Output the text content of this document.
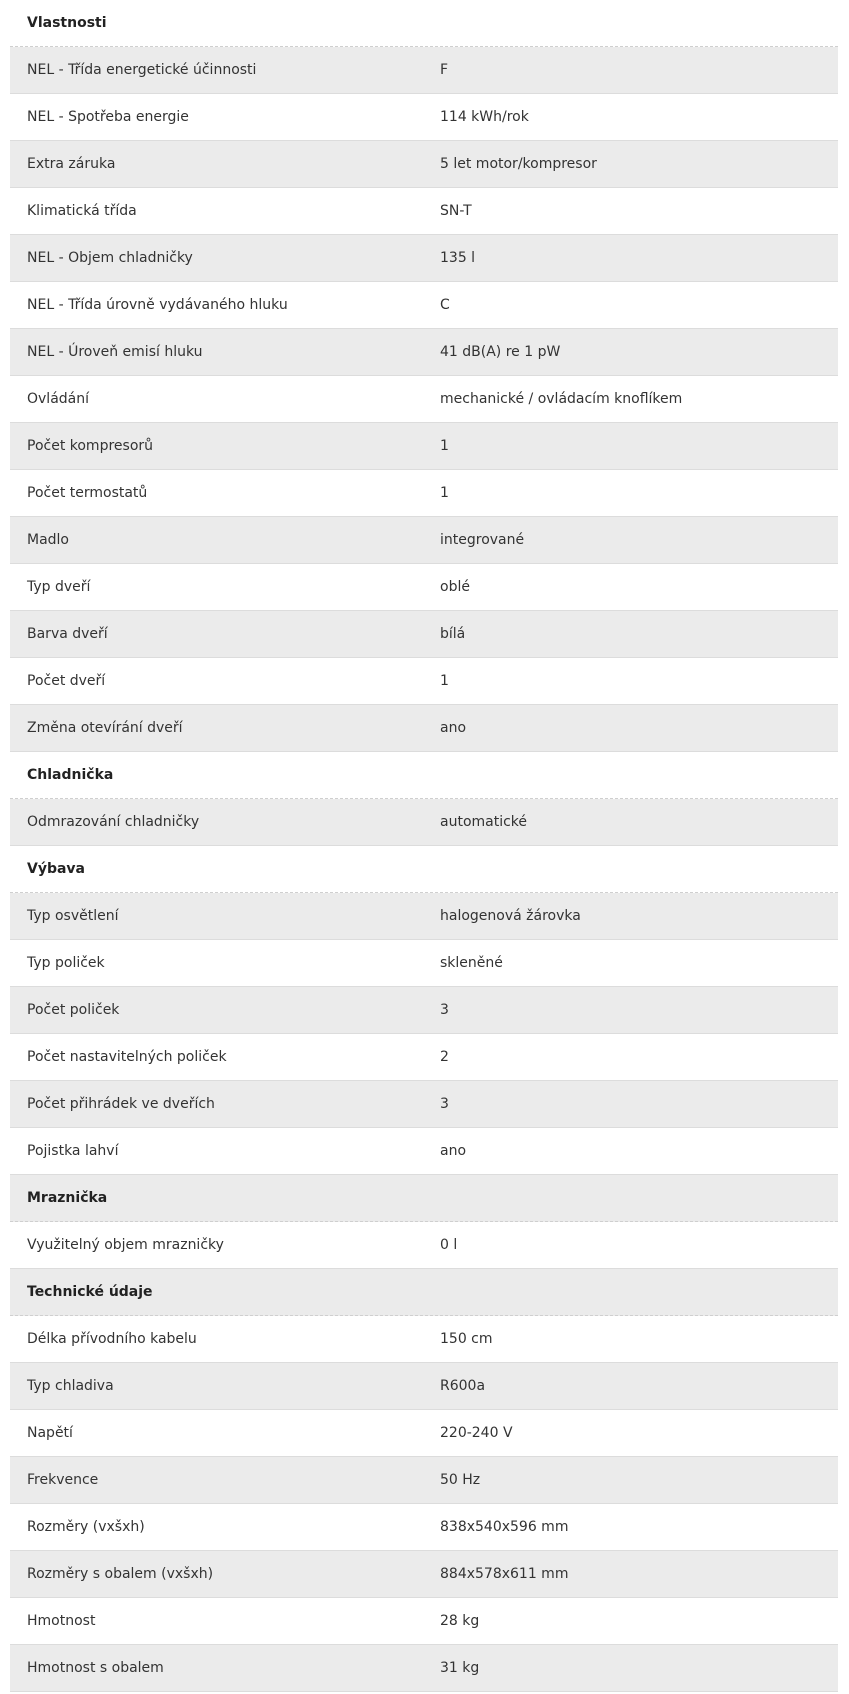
Vlastnosti
NEL - Třída energetické účinnosti	F
NEL - Spotřeba energie	114 kWh/rok
Extra záruka	5 let motor/kompresor
Klimatická třída	SN-T
NEL - Objem chladničky	135 l
NEL - Třída úrovně vydávaného hluku	C
NEL - Úroveň emisí hluku	41 dB(A) re 1 pW
Ovládání	mechanické / ovládacím knoflíkem
Počet kompresorů	1
Počet termostatů	1
Madlo	integrované
Typ dveří	oblé
Barva dveří	bílá
Počet dveří	1
Změna otevírání dveří	ano
Chladnička
Odmrazování chladničky	automatické
Výbava
Typ osvětlení	halogenová žárovka
Typ poliček	skleněné
Počet poliček	3
Počet nastavitelných poliček	2
Počet přihrádek ve dveřích	3
Pojistka lahví	ano
Mraznička
Využitelný objem mrazničky	0 l
Technické údaje
Délka přívodního kabelu	150 cm
Typ chladiva	R600a
Napětí	220-240 V
Frekvence	50 Hz
Rozměry (vxšxh)	838x540x596 mm
Rozměry s obalem (vxšxh)	884x578x611 mm
Hmotnost	28 kg
Hmotnost s obalem	31 kg
